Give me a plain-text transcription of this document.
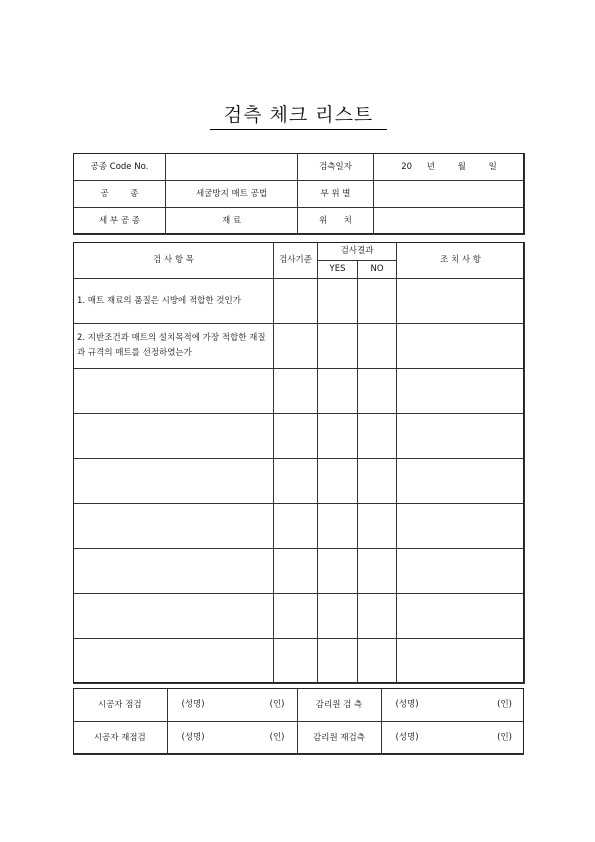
검측 체크 리스트
공종 Code No.		검측일자	20 년 월 일
공        종	세굴방지 매트 공법	부 위 별	
세 부 공 종	재 료	위      치	
검 사 항 목	검사기준	검사결과		조 치 사 항
		YES	NO	
1. 매트 재료의 품질은 시방에 적합한 것인가				
2. 지반조건과 매트의 설치목적에 가장 적합한 재질과 규격의 매트를 선정하였는가				

시공자 점검	(성명) (인)	감리원 검 측	(성명) (인)

시공자 재점검	(성명) (인)	감리원 재검측	(성명) (인)
